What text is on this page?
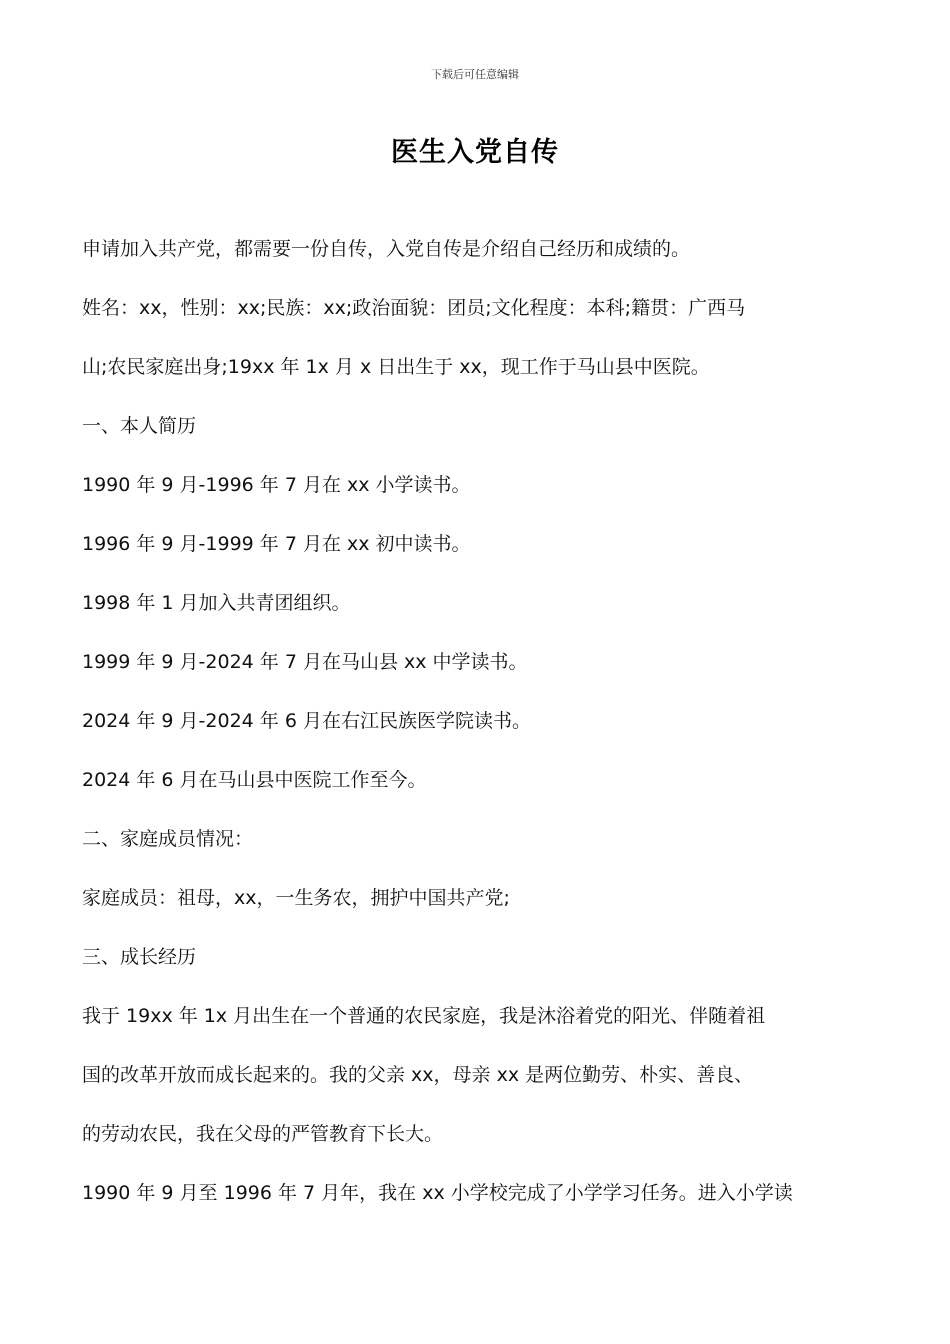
下载后可任意编辑
医生入党自传
申请加入共产党，都需要一份自传，入党自传是介绍自己经历和成绩的。
姓名：xx，性别：xx;民族：xx;政治面貌：团员;文化程度：本科;籍贯：广西马
山;农民家庭出身;19xx 年 1x 月 x 日出生于 xx，现工作于马山县中医院。
一、本人简历
1990 年 9 月-1996 年 7 月在 xx 小学读书。
1996 年 9 月-1999 年 7 月在 xx 初中读书。
1998 年 1 月加入共青团组织。
1999 年 9 月-2024 年 7 月在马山县 xx 中学读书。
2024 年 9 月-2024 年 6 月在右江民族医学院读书。
2024 年 6 月在马山县中医院工作至今。
二、家庭成员情况：
家庭成员：祖母，xx，一生务农，拥护中国共产党;
三、成长经历
我于 19xx 年 1x 月出生在一个普通的农民家庭，我是沐浴着党的阳光、伴随着祖
国的改革开放而成长起来的。我的父亲 xx，母亲 xx 是两位勤劳、朴实、善良、
的劳动农民，我在父母的严管教育下长大。
1990 年 9 月至 1996 年 7 月年，我在 xx 小学校完成了小学学习任务。进入小学读
